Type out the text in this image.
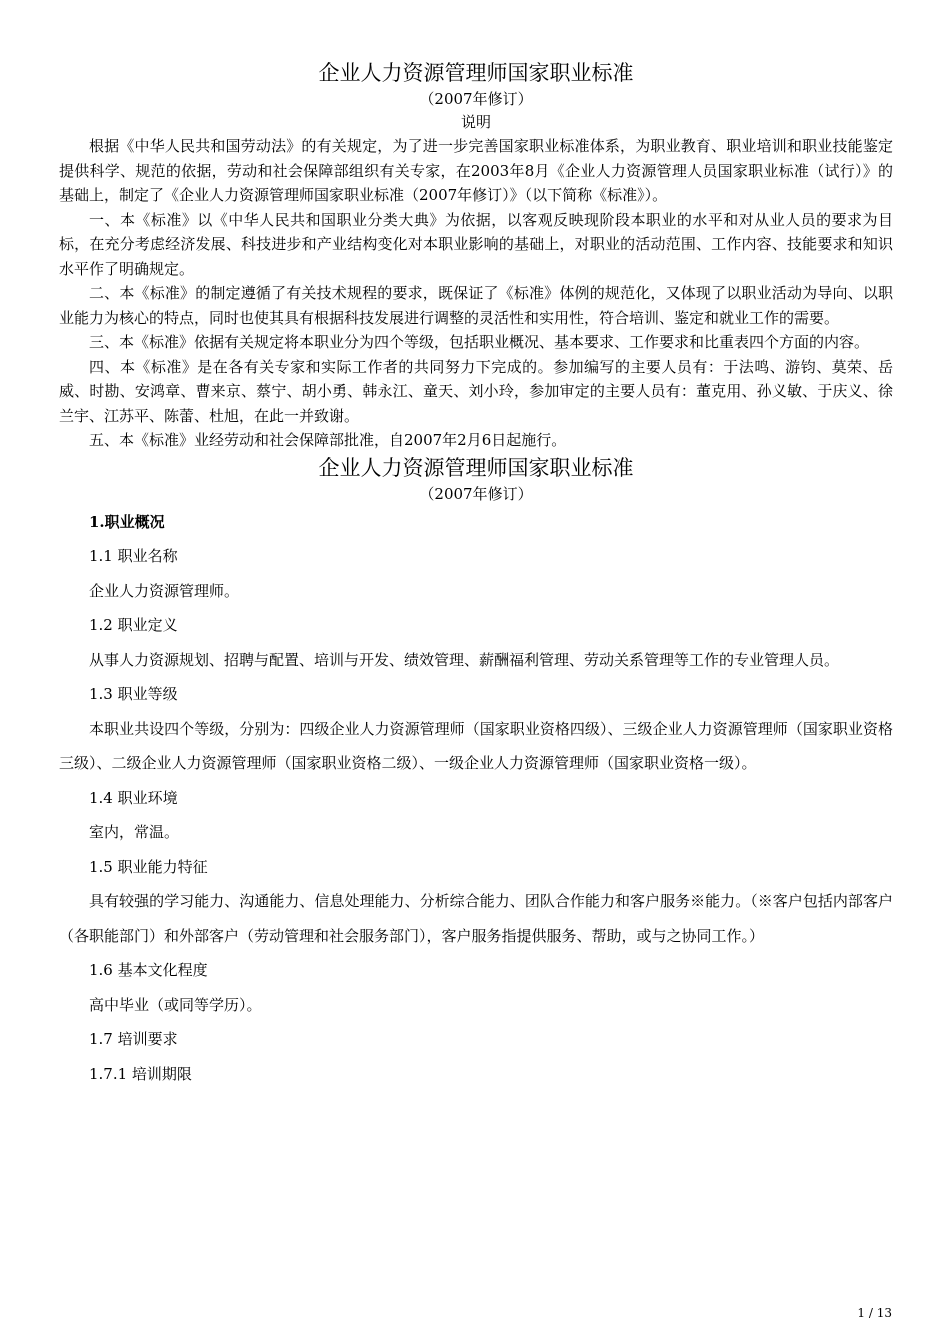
企业人力资源管理师国家职业标准

（2007年修订）

说明

根据《中华人民共和国劳动法》的有关规定，为了进一步完善国家职业标准体系，为职业教育、职业培训和职业技能鉴定提供科学、规范的依据，劳动和社会保障部组织有关专家，在2003年8月《企业人力资源管理人员国家职业标准（试行）》的基础上，制定了《企业人力资源管理师国家职业标准（2007年修订）》（以下简称《标准》）。

一、本《标准》以《中华人民共和国职业分类大典》为依据，以客观反映现阶段本职业的水平和对从业人员的要求为目标，在充分考虑经济发展、科技进步和产业结构变化对本职业影响的基础上，对职业的活动范围、工作内容、技能要求和知识水平作了明确规定。

二、本《标准》的制定遵循了有关技术规程的要求，既保证了《标准》体例的规范化，又体现了以职业活动为导向、以职业能力为核心的特点，同时也使其具有根据科技发展进行调整的灵活性和实用性，符合培训、鉴定和就业工作的需要。

三、本《标准》依据有关规定将本职业分为四个等级，包括职业概况、基本要求、工作要求和比重表四个方面的内容。

四、本《标准》是在各有关专家和实际工作者的共同努力下完成的。参加编写的主要人员有：于法鸣、游钧、莫荣、岳威、时勘、安鸿章、曹来京、蔡宁、胡小勇、韩永江、童天、刘小玲，参加审定的主要人员有：董克用、孙义敏、于庆义、徐兰宇、江苏平、陈蕾、杜旭，在此一并致谢。

五、本《标准》业经劳动和社会保障部批准，自2007年2月6日起施行。

企业人力资源管理师国家职业标准

（2007年修订）

1.职业概况

1.1 职业名称

企业人力资源管理师。

1.2 职业定义

从事人力资源规划、招聘与配置、培训与开发、绩效管理、薪酬福利管理、劳动关系管理等工作的专业管理人员。

1.3 职业等级

本职业共设四个等级，分别为：四级企业人力资源管理师（国家职业资格四级）、三级企业人力资源管理师（国家职业资格三级）、二级企业人力资源管理师（国家职业资格二级）、一级企业人力资源管理师（国家职业资格一级）。

1.4 职业环境

室内，常温。

1.5 职业能力特征

具有较强的学习能力、沟通能力、信息处理能力、分析综合能力、团队合作能力和客户服务※能力。（※客户包括内部客户（各职能部门）和外部客户（劳动管理和社会服务部门），客户服务指提供服务、帮助，或与之协同工作。）

1.6 基本文化程度

高中毕业（或同等学历）。

1.7 培训要求

1.7.1 培训期限

1 / 13
